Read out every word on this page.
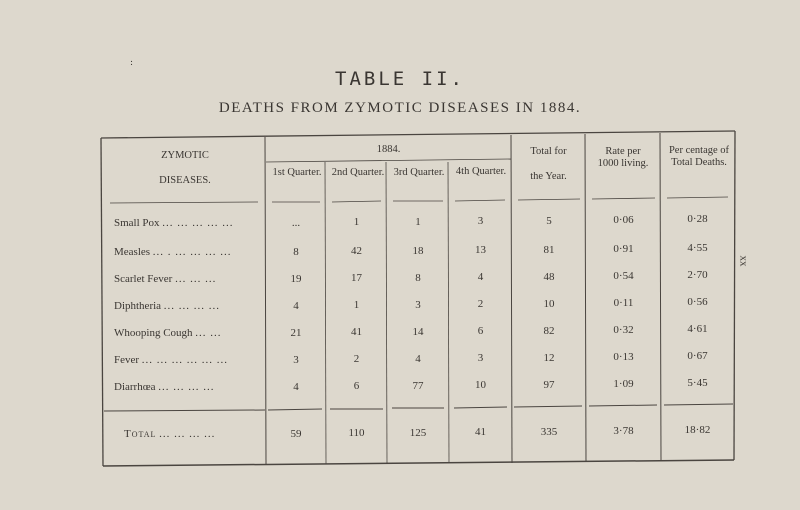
:
TABLE II.
DEATHS FROM ZYMOTIC DISEASES IN 1884.
xx
ZYMOTIC
DISEASES.
1884.
1st Quarter. 2nd Quarter. 3rd Quarter. 4th Quarter.
Total for
the Year.
Rate per 1000 living.
Per centage of Total Deaths.
Small Pox ... ... ... ... ...	...	1	1	3	5	0·06	0·28
Measles ... . ... ... ... ...	8	42	18	13	81	0·91	4·55
Scarlet Fever ... ... ...	19	17	8	4	48	0·54	2·70
Diphtheria ... ... ... ...	4	1	3	2	10	0·11	0·56
Whooping Cough ... ...	21	41	14	6	82	0·32	4·61
Fever ... ... ... ... ... ...	3	2	4	3	12	0·13	0·67
Diarrhœa ... ... ... ...	4	6	77	10	97	1·09	5·45
Total ... ... ... ...	59	110	125	41	335	3·78	18·82
